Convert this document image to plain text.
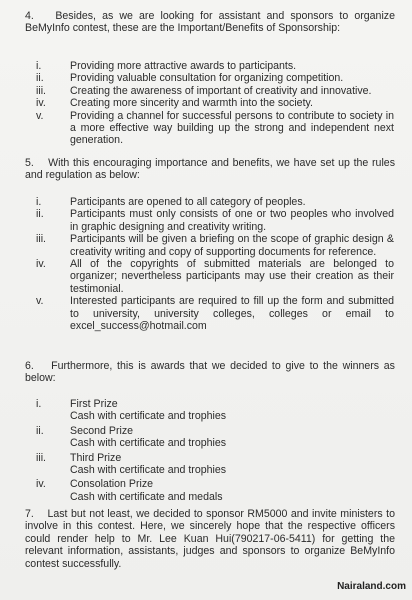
4. Besides, as we are looking for assistant and sponsors to organize BeMyInfo contest, these are the Important/Benefits of Sponsorship:

i.	Providing more attractive awards to participants.

ii.	Providing valuable consultation for organizing competition.

iii.	Creating the awareness of important of creativity and innovative.

iv.	Creating more sincerity and warmth into the society.

v.	Providing a channel for successful persons to contribute to society in a more effective way building up the strong and independent next generation.

5. With this encouraging importance and benefits, we have set up the rules and regulation as below:

i.	Participants are opened to all category of peoples.

ii.	Participants must only consists of one or two peoples who involved in graphic designing and creativity writing.

iii.	Participants will be given a briefing on the scope of graphic design & creativity writing and copy of supporting documents for reference.

iv.	All of the copyrights of submitted materials are belonged to organizer; nevertheless participants may use their creation as their testimonial.

v.	Interested participants are required to fill up the form and submitted to university, university colleges, colleges or email to excel_success@hotmail.com

6. Furthermore, this is awards that we decided to give to the winners as below:

i.	First Prize
Cash with certificate and trophies

ii.	Second Prize
Cash with certificate and trophies

iii.	Third Prize
Cash with certificate and trophies

iv.	Consolation Prize
Cash with certificate and medals

7. Last but not least, we decided to sponsor RM5000 and invite ministers to involve in this contest. Here, we sincerely hope that the respective officers could render help to Mr. Lee Kuan Hui(790217-06-5411) for getting the relevant information, assistants, judges and sponsors to organize BeMyInfo contest successfully.

Nairaland.com
